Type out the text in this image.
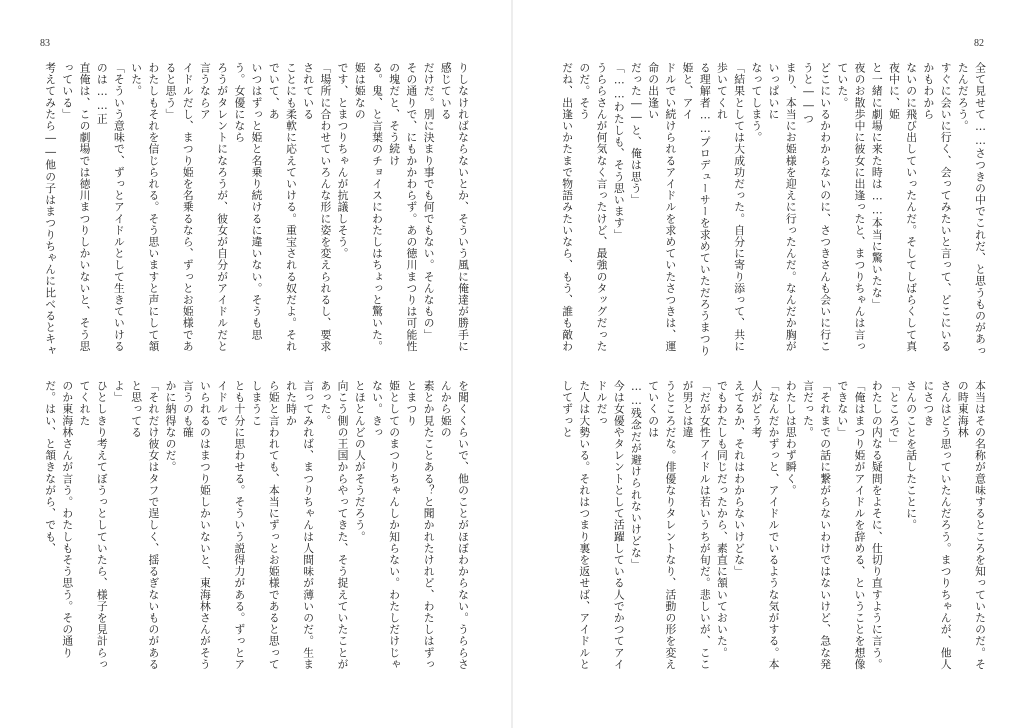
83	82

りしなければならないとか、そういう風に俺達が勝手に感じている

だけだ。別に決まり事でも何でもない。そんなもの」

その通りで、にもかかわらず。あの徳川まつりは可能性の塊だと、そう続け

る。鬼、と言葉のチョイスにわたしはちょっと驚いた。姫は姫なの

です、とまつりちゃんが抗議しそう。

「場所に合わせていろんな形に姿を変えられるし、要求されている

ことにも柔軟に応えていける。重宝される奴だよ。それでいて、あ

いつはずっと姫と名乗り続けるに違いない。そうも思う。女優になら

ろうがタレントになろうが、彼女が自分がアイドルだと言うならア

イドルだし、まつり姫を名乗るなら、ずっとお姫様であると思う」

わたしもそれを信じられる。そう思いますと声にして頷いた。

「そういう意味で、ずっとアイドルとして生きていけるのは……正

直俺は、この劇場では徳川まつりしかいないと、そう思っている」

考えてみたら――他の子はまつりちゃんに比べるとキャ

を聞くくらいで、他のことがほぼわからない。うららさんから姫の

素とか見たことある？と聞かれたけれど、わたしはずっとまつり

姫としてのまつりちゃんしか知らない。わたしだけじゃない。きっ

とほとんどの人がそうだろう。

向こう側の王国からやってきた、そう捉えていたことがあった。

言ってみれば、まつりちゃんは人間味が薄いのだ。生まれた時か

ら姫と言われても、本当にずっとお姫様であると思ってしまうこ

とも十分に思わせる。そういう説得力がある。ずっとアイドルで

いられるのはまつり姫しかいないと、東海林さんがそう言うのも確

かに納得なのだ。

「それだけ彼女はタフで逞しく、揺るぎないものがあると思ってる

よ」

ひとしきり考えてぼうっとしていたら、様子を見計らってくれた

のか東海林さんが言う。わたしもそう思う。その通りだ。はい、と頷きながら、でも、

全て見せて……さつきの中でこれだ、と思うものがあったんだろう。

すぐに会いに行く、会ってみたいと言って、どこにいるかもわから

ないのに飛び出していったんだ。そしてしばらくして真夜中に、姫

と一緒に劇場に来た時は……本当に驚いたな」

夜のお散歩中に彼女に出逢ったと、まつりちゃんは言っていた。

どこにいるかわからないのに、さつきさんも会いに行こうと――つ

まり、本当にお姫様を迎えに行ったんだ。なんだか胸がいっぱいに

なってしまう。

「結果としては大成功だった。自分に寄り添って、共に歩いてくれ

る理解者……プロデューサーを求めていただろうまつり姫と、アイ

ドルでい続けられるアイドルを求めていたさつきは、運命の出逢い

だった――と、俺は思う」

「……わたしも、そう思います」

うららさんが何気なく言ったけど、最強のタッグだったのだ。そう

だね、出逢いかたまで物語みたいなら、もう、誰も敵わ

本当はその名称が意味するところを知っていたのだ。その時東海林

さんはどう思っていたんだろう。まつりちゃんが、他人にさつき

さんのことを話したことに。

「ところで」

わたしの内なる疑問をよそに、仕切り直すように言う。

「俺はまつり姫がアイドルを辞める、ということを想像できない」

「それまでの話に繋がらないわけではないけど、急な発言だった。

わたしは思わず瞬く。

「なんだかずっと、アイドルでいるような気がする。本人がどう考

えてるか、それはわからないけどな」

でもわたしも同じだったから、素直に頷いておいた。

「だが女性アイドルは若いうちが旬だ。悲しいが、ここが男とは違

うところだな。俳優なりタレントなり、活動の形を変えていくのは

……残念だが避けられないけどな」

今は女優やタレントとして活躍している人でかつてアイドルだっ

た人は大勢いる。それはつまり裏を返せば、アイドルとしてずっと
